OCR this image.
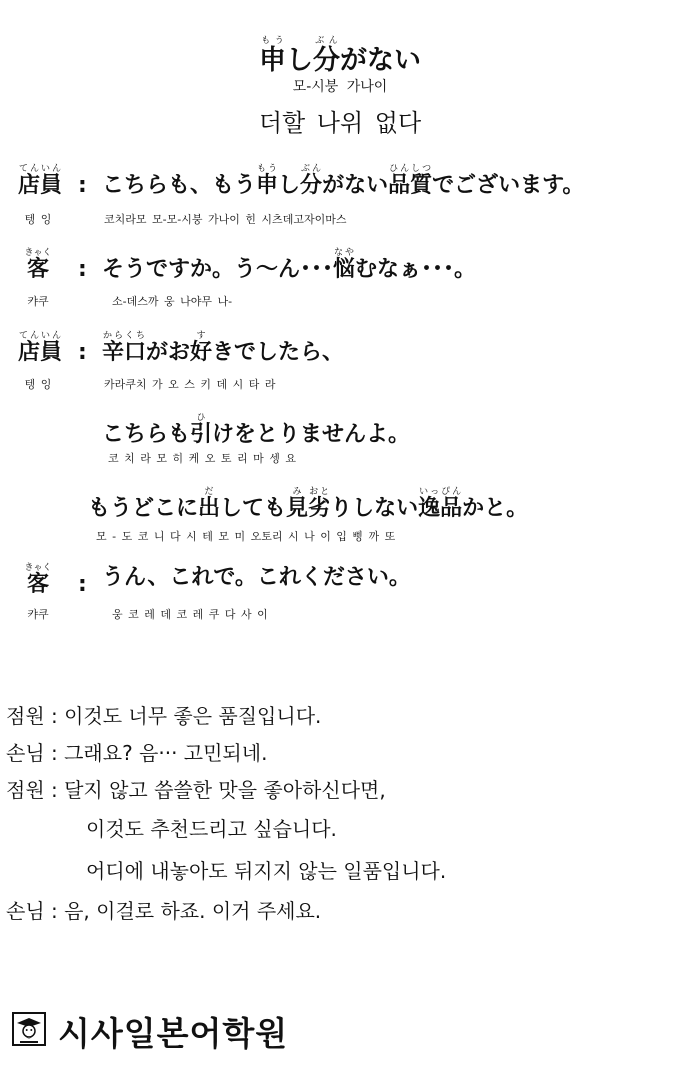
申もうし分ぶんがない
모-시붕 가나이
더할 나위 없다
店員てんいん
: こちらも、もう申もうし分ぶんがない品質ひんしつでございます。
텡 잉	코치라모 모-모-시붕 가나이 힌 시츠데고자이마스
客きゃく
: そうですか。う～ん･･･悩なやむなぁ･･･。
캬쿠	소-데스까 웅 나야무 나-
店員てんいん
: 辛口からくちがお好すきでしたら、
텡 잉	카라쿠치 가 오 스 키 데 시 타 라
こちらも引ひけをとりませんよ。
코 치 라 모 히 케 오 토 리 마 셍 요
もうどこに出だしても見み劣おとりしない逸品いっぴんかと。
모 - 도 코 니 다 시 테 모 미 오토리 시 나 이 입 삥 까 또
客きゃく
: うん、これで。これください。
캬쿠	웅 코 레 데 코 레 쿠 다 사 이
점원 : 이것도 너무 좋은 품질입니다.
손님 : 그래요? 음··· 고민되네.
점원 : 달지 않고 씁쓸한 맛을 좋아하신다면,
이것도 추천드리고 싶습니다.
어디에 내놓아도 뒤지지 않는 일품입니다.
손님 : 음, 이걸로 하죠. 이거 주세요.
시사일본어학원
